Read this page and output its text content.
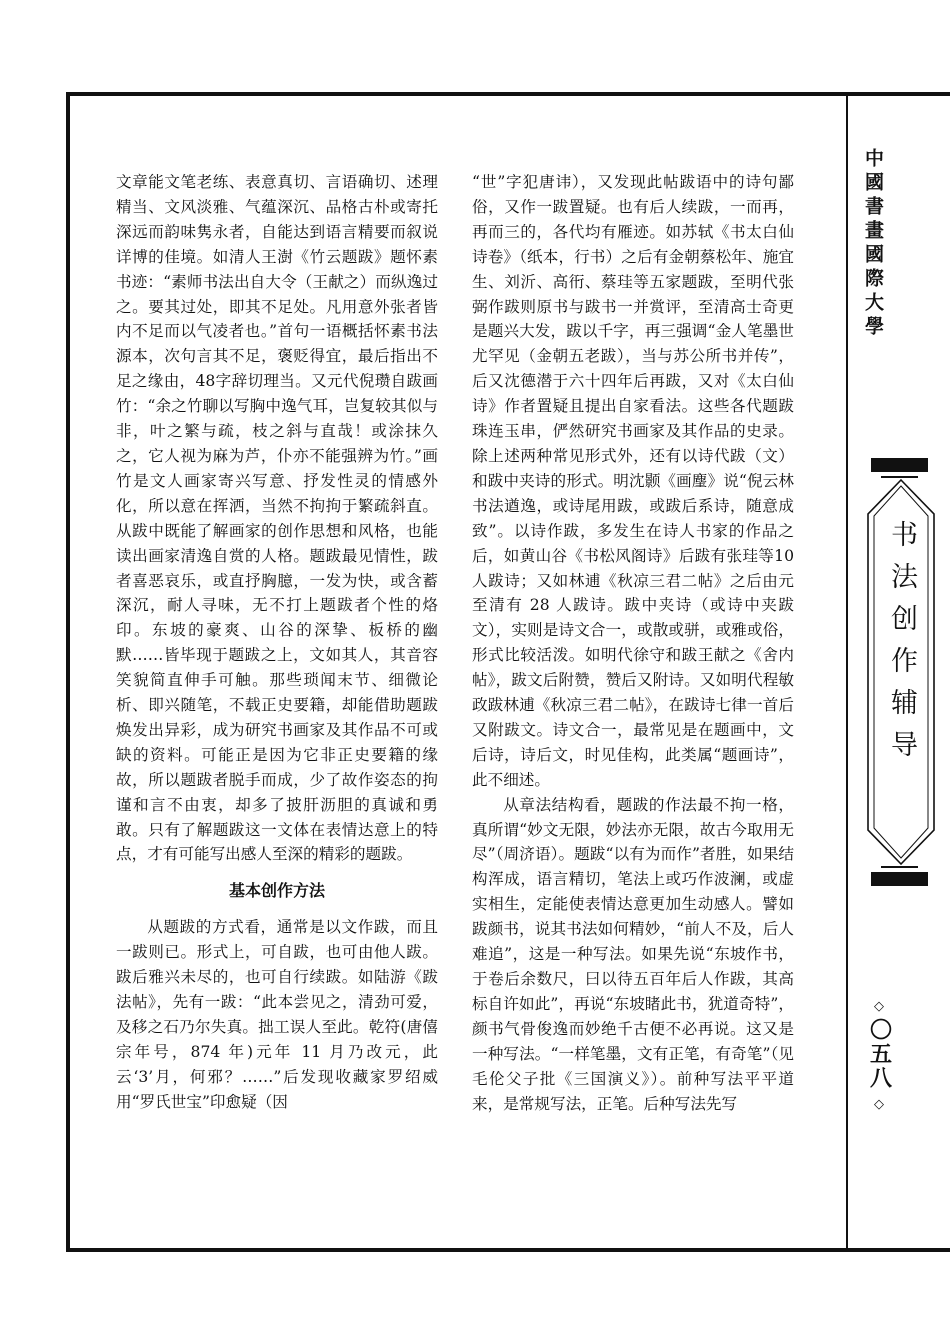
文章能文笔老练、表意真切、言语确切、述理精当、文风淡雅、气蕴深沉、品格古朴或寄托深远而韵味隽永者，自能达到语言精要而叙说详博的佳境。如清人王澍《竹云题跋》题怀素书迹：“素师书法出自大令（王献之）而纵逸过之。要其过处，即其不足处。凡用意外张者皆内不足而以气凌者也。”首句一语概括怀素书法源本，次句言其不足，褒贬得宜，最后指出不足之缘由，48字辞切理当。又元代倪瓒自跋画竹：“余之竹聊以写胸中逸气耳，岂复较其似与非，叶之繁与疏，枝之斜与直哉！或涂抹久之，它人视为麻为芦，仆亦不能强辨为竹。”画竹是文人画家寄兴写意、抒发性灵的情感外化，所以意在挥洒，当然不拘拘于繁疏斜直。从跋中既能了解画家的创作思想和风格，也能读出画家清逸自赏的人格。题跋最见情性，跋者喜恶哀乐，或直抒胸臆，一发为快，或含蓄深沉，耐人寻味，无不打上题跋者个性的烙印。东坡的豪爽、山谷的深挚、板桥的幽默……皆毕现于题跋之上，文如其人，其音容笑貌简直伸手可触。那些琐闻末节、细微论析、即兴随笔，不载正史要籍，却能借助题跋焕发出异彩，成为研究书画家及其作品不可或缺的资料。可能正是因为它非正史要籍的缘故，所以题跋者脱手而成，少了故作姿态的拘谨和言不由衷，却多了披肝沥胆的真诚和勇敢。只有了解题跋这一文体在表情达意上的特点，才有可能写出感人至深的精彩的题跋。

基本创作方法

从题跋的方式看，通常是以文作跋，而且一跋则已。形式上，可自跋，也可由他人跋。跋后雅兴未尽的，也可自行续跋。如陆游《跋法帖》，先有一跋：“此本尝见之，清劲可爱，及移之石乃尔失真。拙工误人至此。乾符(唐僖宗年号，874 年)元年 11 月乃改元，此云‘3’月，何邪？……”后发现收藏家罗绍威用“罗氏世宝”印愈疑（因

“世”字犯唐讳），又发现此帖跋语中的诗句鄙俗，又作一跋置疑。也有后人续跋，一而再，再而三的，各代均有雁迹。如苏轼《书太白仙诗卷》（纸本，行书）之后有金朝蔡松年、施宜生、刘沂、高衎、蔡珪等五家题跋，至明代张弼作跋则原书与跋书一并赏评，至清高士奇更是题兴大发，跋以千字，再三强调“金人笔墨世尤罕见（金朝五老跋），当与苏公所书并传”，后又沈德潜于六十四年后再跋，又对《太白仙诗》作者置疑且提出自家看法。这些各代题跋珠连玉串，俨然研究书画家及其作品的史录。除上述两种常见形式外，还有以诗代跋（文）和跋中夹诗的形式。明沈颢《画麈》说“倪云林书法遒逸，或诗尾用跋，或跋后系诗，随意成致”。以诗作跋，多发生在诗人书家的作品之后，如黄山谷《书松风阁诗》后跋有张珪等10 人跋诗；又如林逋《秋凉三君二帖》之后由元至清有 28 人跋诗。跋中夹诗（或诗中夹跋文），实则是诗文合一，或散或骈，或雅或俗，形式比较活泼。如明代徐守和跋王献之《舍内帖》，跋文后附赞，赞后又附诗。又如明代程敏政跋林逋《秋凉三君二帖》，在跋诗七律一首后又附跋文。诗文合一，最常见是在题画中，文后诗，诗后文，时见佳构，此类属“题画诗”，此不细述。

从章法结构看，题跋的作法最不拘一格，真所谓“妙文无限，妙法亦无限，故古今取用无尽”（周济语）。题跋“以有为而作”者胜，如果结构浑成，语言精切，笔法上或巧作波澜，或虚实相生，定能使表情达意更加生动感人。譬如跋颜书，说其书法如何精妙，“前人不及，后人难追”，这是一种写法。如果先说“东坡作书，于卷后余数尺，曰以待五百年后人作跋，其高标自许如此”，再说“东坡睹此书，犹道奇特”，颜书气骨俊逸而妙绝千古便不必再说。这又是一种写法。“一样笔墨，文有正笔，有奇笔”（见毛伦父子批《三国演义》）。前种写法平平道来，是常规写法，正笔。后种写法先写

中國書畫國際大學
书法创作辅导
◇
〇五八
◇
